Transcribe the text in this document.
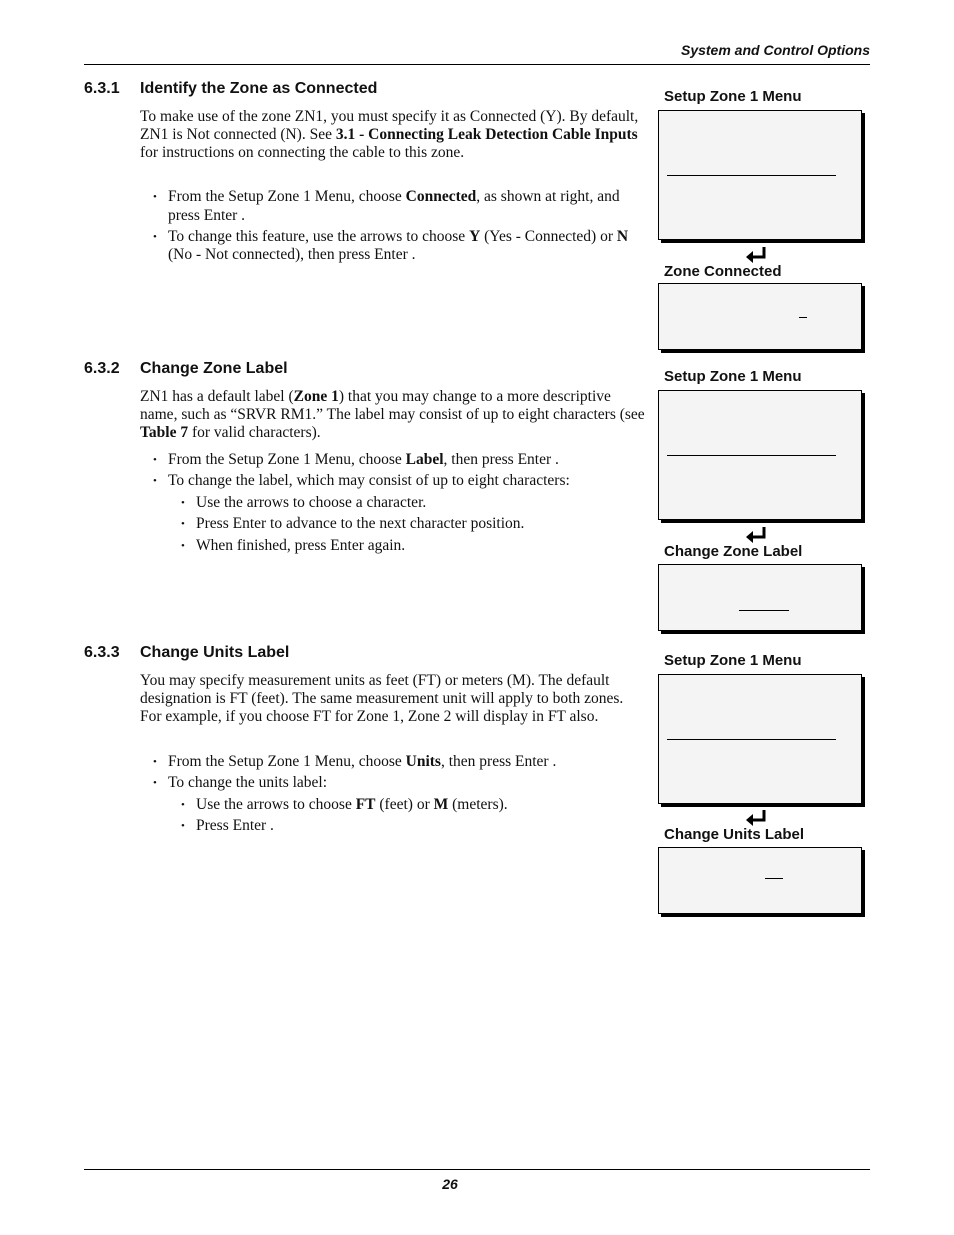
System and Control Options
6.3.1 Identify the Zone as Connected
To make use of the zone ZN1, you must specify it as Connected (Y). By default, ZN1 is Not connected (N). See 3.1 - Connecting Leak Detection Cable Inputs for instructions on connecting the cable to this zone.
• From the Setup Zone 1 Menu, choose Connected, as shown at right, and press Enter .
• To change this feature, use the arrows to choose Y (Yes - Connected) or N (No - Not connected), then press Enter .
Setup Zone 1 Menu
Zone Connected
6.3.2 Change Zone Label
ZN1 has a default label (Zone 1) that you may change to a more descriptive name, such as “SRVR RM1.” The label may consist of up to eight characters (see Table 7 for valid characters).
• From the Setup Zone 1 Menu, choose Label, then press Enter .
• To change the label, which may consist of up to eight characters:
• Use the arrows to choose a character.
• Press Enter to advance to the next character position.
• When finished, press Enter again.
Setup Zone 1 Menu
Change Zone Label
6.3.3 Change Units Label
You may specify measurement units as feet (FT) or meters (M). The default designation is FT (feet). The same measurement unit will apply to both zones. For example, if you choose FT for Zone 1, Zone 2 will display in FT also.
• From the Setup Zone 1 Menu, choose Units, then press Enter .
• To change the units label:
• Use the arrows to choose FT (feet) or M (meters).
• Press Enter .
Setup Zone 1 Menu
Change Units Label
26
